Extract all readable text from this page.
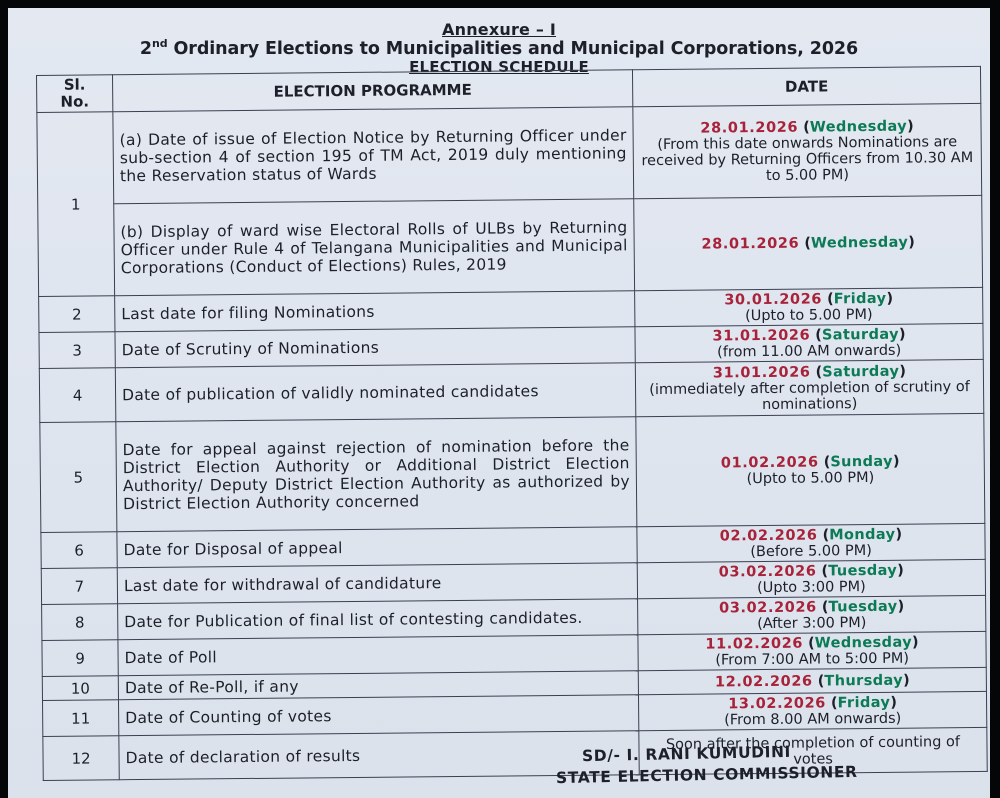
Annexure – I
2nd Ordinary Elections to Municipalities and Municipal Corporations, 2026
ELECTION SCHEDULE
Sl.
No.	ELECTION PROGRAMME	DATE
1	(a) Date of issue of Election Notice by Returning Officer under sub-section 4 of section 195 of TM Act, 2019 duly mentioning the Reservation status of Wards	28.01.2026 (Wednesday)
(From this date onwards Nominations are received by Returning Officers from 10.30 AM to 5.00 PM)

	(b) Display of ward wise Electoral Rolls of ULBs by Returning Officer under Rule 4 of Telangana Municipalities and Municipal Corporations (Conduct of Elections) Rules, 2019	28.01.2026 (Wednesday)

2	Last date for filing Nominations	30.01.2026 (Friday)
(Upto to 5.00 PM)

3	Date of Scrutiny of Nominations	31.01.2026 (Saturday)
(from 11.00 AM onwards)

4	Date of publication of validly nominated candidates	31.01.2026 (Saturday)
(immediately after completion of scrutiny of nominations)

5	Date for appeal against rejection of nomination before the District Election Authority or Additional District Election Authority/ Deputy District Election Authority as authorized by District Election Authority concerned	01.02.2026 (Sunday)
(Upto to 5.00 PM)

6	Date for Disposal of appeal	02.02.2026 (Monday)
(Before 5.00 PM)

7	Last date for withdrawal of candidature	03.02.2026 (Tuesday)
(Upto 3:00 PM)

8	Date for Publication of final list of contesting candidates.	03.02.2026 (Tuesday)
(After 3:00 PM)

9	Date of Poll	11.02.2026 (Wednesday)
(From 7:00 AM to 5:00 PM)

10	Date of Re-Poll, if any	12.02.2026 (Thursday)

11	Date of Counting of votes	13.02.2026 (Friday)
(From 8.00 AM onwards)

12	Date of declaration of results	Soon after the completion of counting of votes
SD/- I. RANI KUMUDINI
STATE ELECTION COMMISSIONER
